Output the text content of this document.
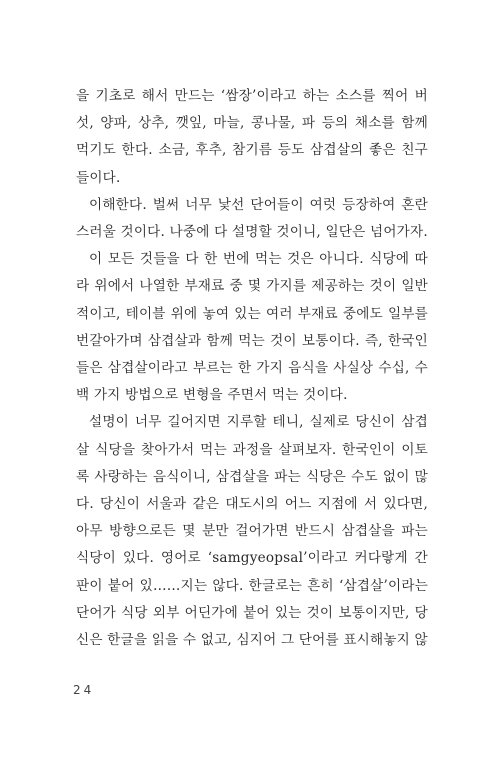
을 기초로 해서 만드는 ‘쌈장’이라고 하는 소스를 찍어 버섯, 양파, 상추, 깻잎, 마늘, 콩나물, 파 등의 채소를 함께 먹기도 한다. 소금, 후추, 참기름 등도 삼겹살의 좋은 친구들이다.

이해한다. 벌써 너무 낯선 단어들이 여럿 등장하여 혼란스러울 것이다. 나중에 다 설명할 것이니, 일단은 넘어가자.

이 모든 것들을 다 한 번에 먹는 것은 아니다. 식당에 따라 위에서 나열한 부재료 중 몇 가지를 제공하는 것이 일반적이고, 테이블 위에 놓여 있는 여러 부재료 중에도 일부를 번갈아가며 삼겹살과 함께 먹는 것이 보통이다. 즉, 한국인들은 삼겹살이라고 부르는 한 가지 음식을 사실상 수십, 수백 가지 방법으로 변형을 주면서 먹는 것이다.

설명이 너무 길어지면 지루할 테니, 실제로 당신이 삼겹살 식당을 찾아가서 먹는 과정을 살펴보자. 한국인이 이토록 사랑하는 음식이니, 삼겹살을 파는 식당은 수도 없이 많다. 당신이 서울과 같은 대도시의 어느 지점에 서 있다면, 아무 방향으로든 몇 분만 걸어가면 반드시 삼겹살을 파는 식당이 있다. 영어로 ‘samgyeopsal’이라고 커다랗게 간판이 붙어 있……지는 않다. 한글로는 흔히 ‘삼겹살’이라는 단어가 식당 외부 어딘가에 붙어 있는 것이 보통이지만, 당신은 한글을 읽을 수 없고, 심지어 그 단어를 표시해놓지 않

24
